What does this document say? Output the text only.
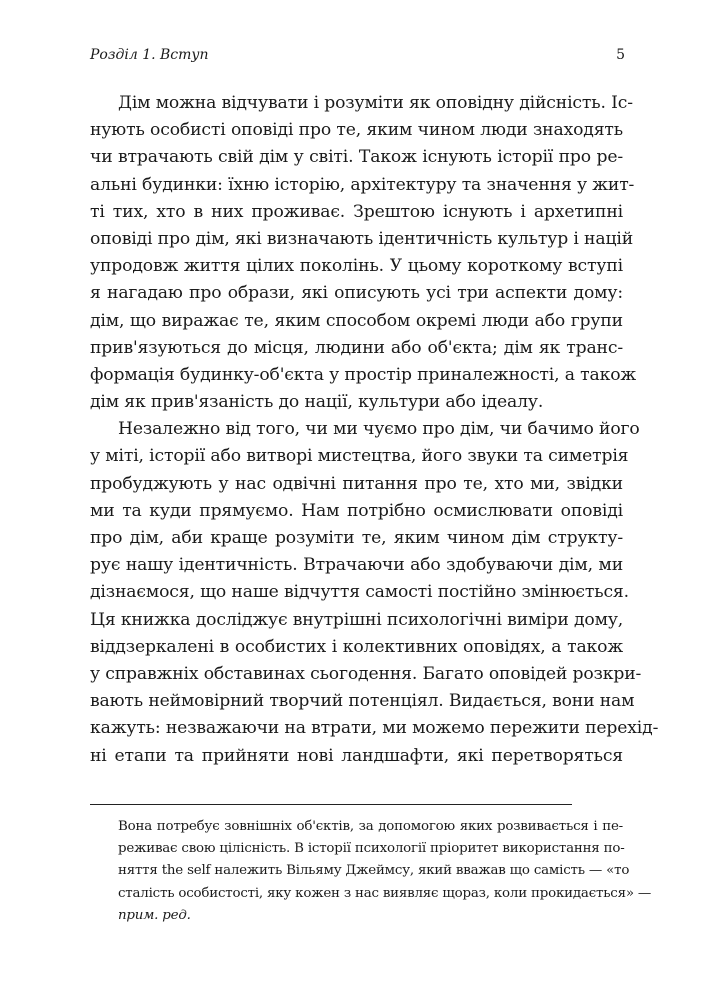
Розділ 1. Вступ	5
Дім можна відчувати і розуміти як оповідну дійсність. Іс-
нують особисті оповіді про те, яким чином люди знаходять
чи втрачають свій дім у світі. Також існують історії про ре-
альні будинки: їхню історію, архітектуру та значення у жит-
ті тих, хто в них проживає. Зрештою існують і архетипні
оповіді про дім, які визначають ідентичність культур і націй
упродовж життя цілих поколінь. У цьому короткому вступі
я нагадаю про образи, які описують усі три аспекти дому:
дім, що виражає те, яким способом окремі люди або групи
прив'язуються до місця, людини або об'єкта; дім як транс-
формація будинку-об'єкта у простір приналежності, а також
дім як прив'язаність до нації, культури або ідеалу.
Незалежно від того, чи ми чуємо про дім, чи бачимо його
у міті, історії або витворі мистецтва, його звуки та симетрія
пробуджують у нас одвічні питання про те, хто ми, звідки
ми та куди прямуємо. Нам потрібно осмислювати оповіді
про дім, аби краще розуміти те, яким чином дім структу-
рує нашу ідентичність. Втрачаючи або здобуваючи дім, ми
дізнаємося, що наше відчуття самості постійно змінюється.
Ця книжка досліджує внутрішні психологічні виміри дому,
віддзеркалені в особистих і колективних оповідях, а також
у справжніх обставинах сьогодення. Багато оповідей розкри-
вають неймовірний творчий потенціял. Видається, вони нам
кажуть: незважаючи на втрати, ми можемо пережити перехід-
ні етапи та прийняти нові ландшафти, які перетворяться
Вона потребує зовнішніх об'єктів, за допомогою яких розвивається і пе-
реживає свою цілісність. В історії психології пріоритет використання по-
няття the self належить Вільяму Джеймсу, який вважав що самість — «то
сталість особистості, яку кожен з нас виявляє щораз, коли прокидається» —
прим. ред.
